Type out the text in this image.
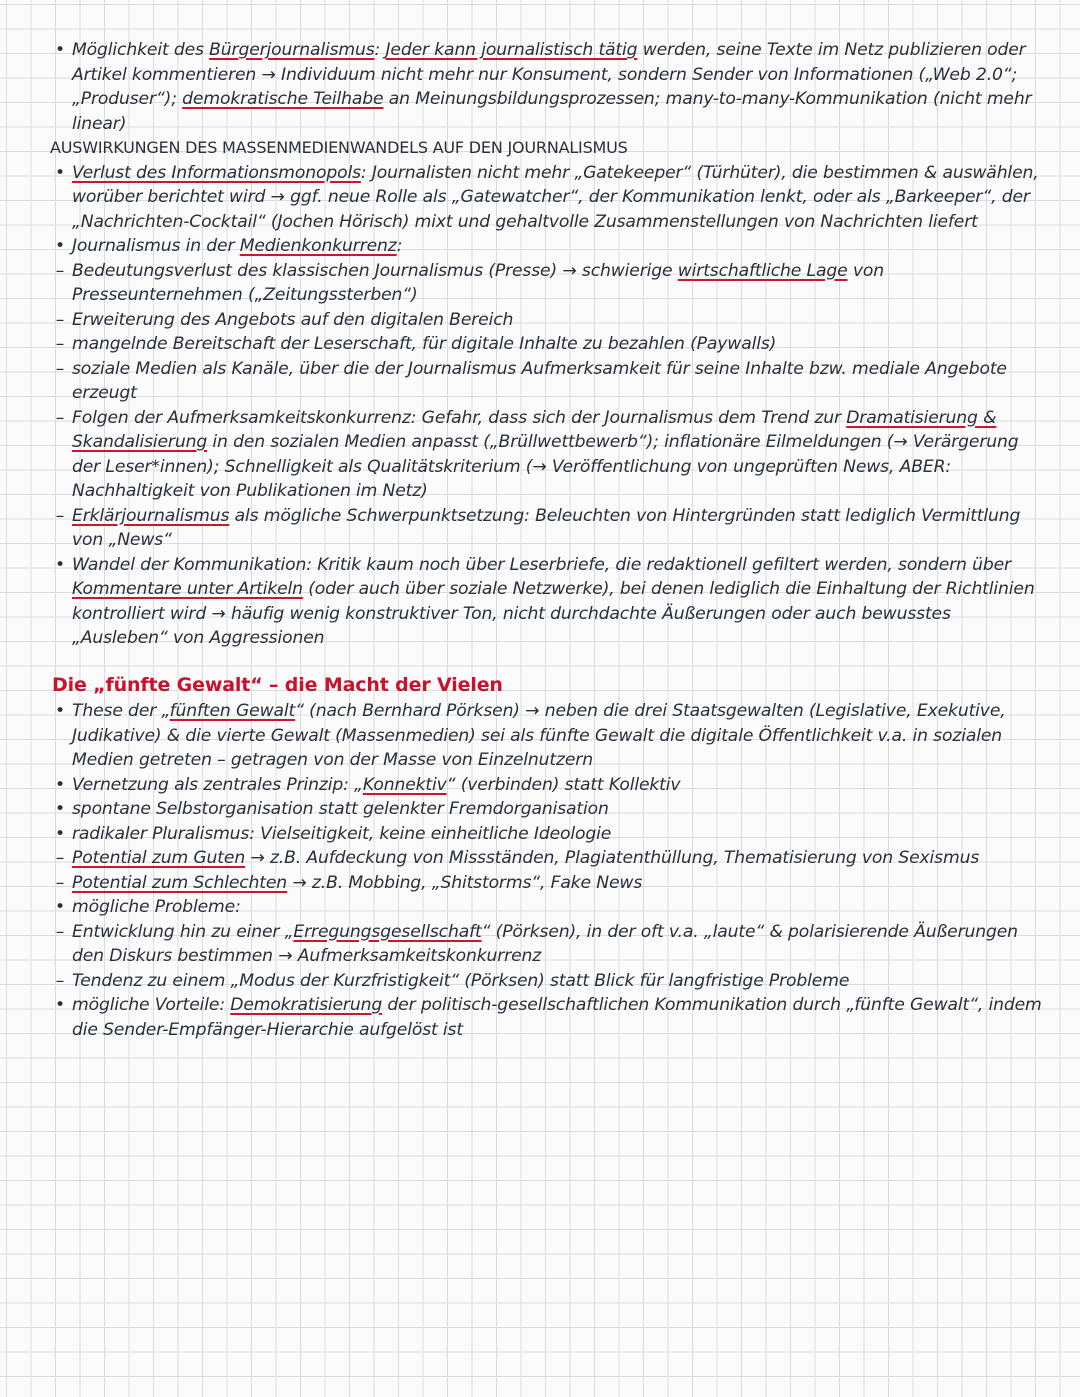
• Möglichkeit des Bürgerjournalismus: Jeder kann journalistisch tätig werden, seine Texte im Netz publizieren oder Artikel kommentieren → Individuum nicht mehr nur Konsument, sondern Sender von Informationen („Web 2.0“; „Produser“); demokratische Teilhabe an Meinungsbildungsprozessen; many-to-many-Kommunikation (nicht mehr linear)
AUSWIRKUNGEN DES MASSENMEDIENWANDELS AUF DEN JOURNALISMUS
• Verlust des Informationsmonopols: Journalisten nicht mehr „Gatekeeper“ (Türhüter), die bestimmen & auswählen, worüber berichtet wird → ggf. neue Rolle als „Gatewatcher“, der Kommunikation lenkt, oder als „Barkeeper“, der „Nachrichten-Cocktail“ (Jochen Hörisch) mixt und gehaltvolle Zusammenstellungen von Nachrichten liefert
• Journalismus in der Medienkonkurrenz:
– Bedeutungsverlust des klassischen Journalismus (Presse) → schwierige wirtschaftliche Lage von Presseunternehmen („Zeitungssterben“)
– Erweiterung des Angebots auf den digitalen Bereich
– mangelnde Bereitschaft der Leserschaft, für digitale Inhalte zu bezahlen (Paywalls)
– soziale Medien als Kanäle, über die der Journalismus Aufmerksamkeit für seine Inhalte bzw. mediale Angebote erzeugt
– Folgen der Aufmerksamkeitskonkurrenz: Gefahr, dass sich der Journalismus dem Trend zur Dramatisierung & Skandalisierung in den sozialen Medien anpasst („Brüllwettbewerb“); inflationäre Eilmeldungen (→ Verärgerung der Leser*innen); Schnelligkeit als Qualitätskriterium (→ Veröffentlichung von ungeprüften News, ABER: Nachhaltigkeit von Publikationen im Netz)
– Erklärjournalismus als mögliche Schwerpunktsetzung: Beleuchten von Hintergründen statt lediglich Vermittlung von „News“
• Wandel der Kommunikation: Kritik kaum noch über Leserbriefe, die redaktionell gefiltert werden, sondern über Kommentare unter Artikeln (oder auch über soziale Netzwerke), bei denen lediglich die Einhaltung der Richtlinien kontrolliert wird → häufig wenig konstruktiver Ton, nicht durchdachte Äußerungen oder auch bewusstes „Ausleben“ von Aggressionen
Die „fünfte Gewalt“ – die Macht der Vielen
• These der „fünften Gewalt“ (nach Bernhard Pörksen) → neben die drei Staatsgewalten (Legislative, Exekutive, Judikative) & die vierte Gewalt (Massenmedien) sei als fünfte Gewalt die digitale Öffentlichkeit v.a. in sozialen Medien getreten – getragen von der Masse von Einzelnutzern
• Vernetzung als zentrales Prinzip: „Konnektiv“ (verbinden) statt Kollektiv
• spontane Selbstorganisation statt gelenkter Fremdorganisation
• radikaler Pluralismus: Vielseitigkeit, keine einheitliche Ideologie
– Potential zum Guten → z.B. Aufdeckung von Missständen, Plagiatenthüllung, Thematisierung von Sexismus
– Potential zum Schlechten → z.B. Mobbing, „Shitstorms“, Fake News
• mögliche Probleme:
– Entwicklung hin zu einer „Erregungsgesellschaft“ (Pörksen), in der oft v.a. „laute“ & polarisierende Äußerungen den Diskurs bestimmen → Aufmerksamkeitskonkurrenz
– Tendenz zu einem „Modus der Kurzfristigkeit“ (Pörksen) statt Blick für langfristige Probleme
• mögliche Vorteile: Demokratisierung der politisch-gesellschaftlichen Kommunikation durch „fünfte Gewalt“, indem die Sender-Empfänger-Hierarchie aufgelöst ist
